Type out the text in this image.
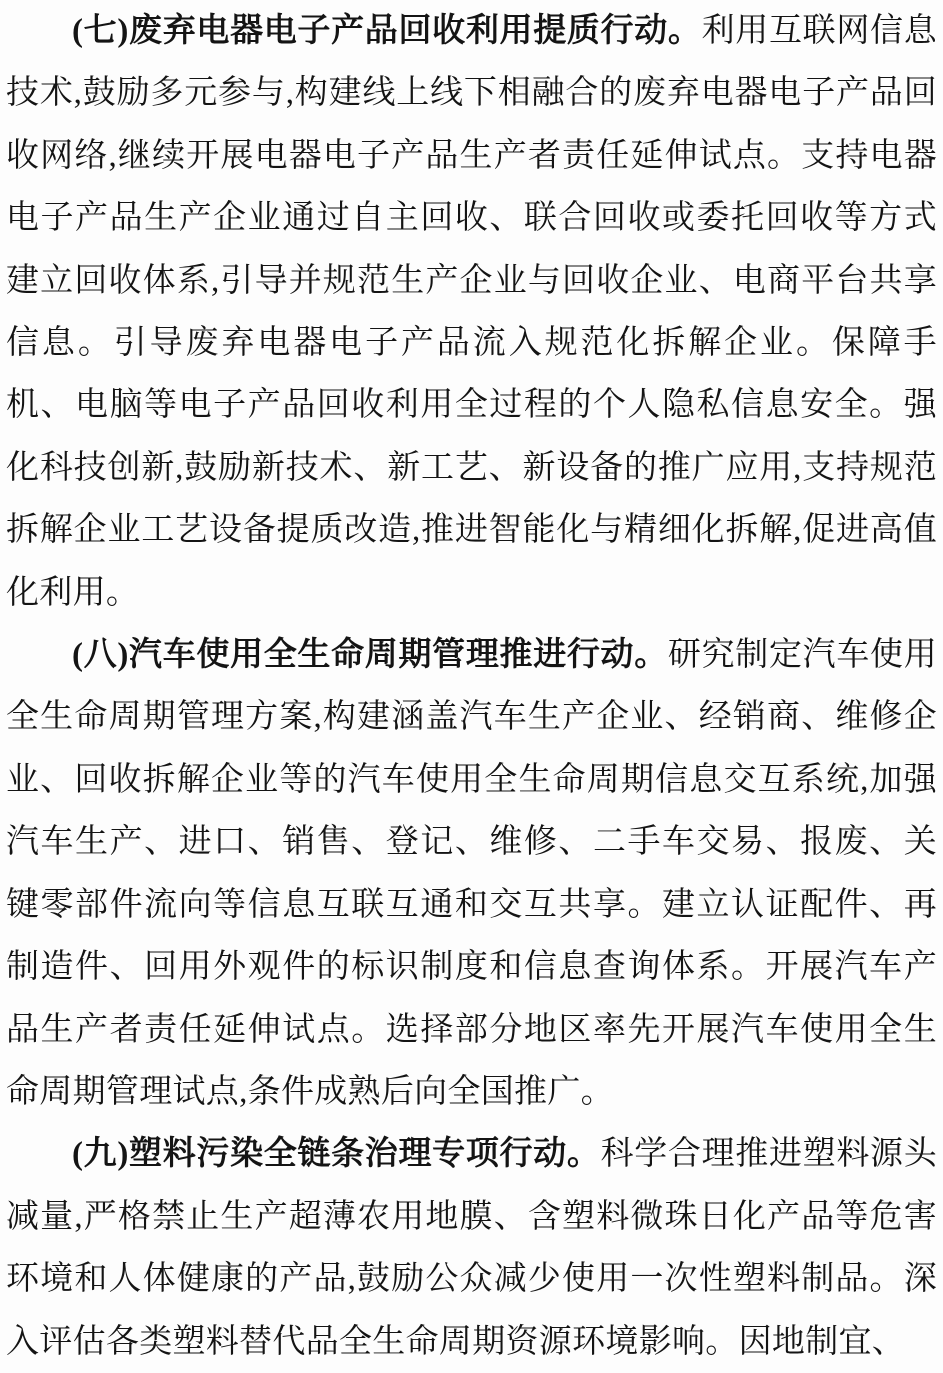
(七)废弃电器电子产品回收利用提质行动。利用互联网信息技术,鼓励多元参与,构建线上线下相融合的废弃电器电子产品回收网络,继续开展电器电子产品生产者责任延伸试点。支持电器电子产品生产企业通过自主回收、联合回收或委托回收等方式建立回收体系,引导并规范生产企业与回收企业、电商平台共享信息。引导废弃电器电子产品流入规范化拆解企业。保障手机、电脑等电子产品回收利用全过程的个人隐私信息安全。强化科技创新,鼓励新技术、新工艺、新设备的推广应用,支持规范拆解企业工艺设备提质改造,推进智能化与精细化拆解,促进高值化利用。

(八)汽车使用全生命周期管理推进行动。研究制定汽车使用全生命周期管理方案,构建涵盖汽车生产企业、经销商、维修企业、回收拆解企业等的汽车使用全生命周期信息交互系统,加强汽车生产、进口、销售、登记、维修、二手车交易、报废、关键零部件流向等信息互联互通和交互共享。建立认证配件、再制造件、回用外观件的标识制度和信息查询体系。开展汽车产品生产者责任延伸试点。选择部分地区率先开展汽车使用全生命周期管理试点,条件成熟后向全国推广。

(九)塑料污染全链条治理专项行动。科学合理推进塑料源头减量,严格禁止生产超薄农用地膜、含塑料微珠日化产品等危害环境和人体健康的产品,鼓励公众减少使用一次性塑料制品。深入评估各类塑料替代品全生命周期资源环境影响。因地制宜、
